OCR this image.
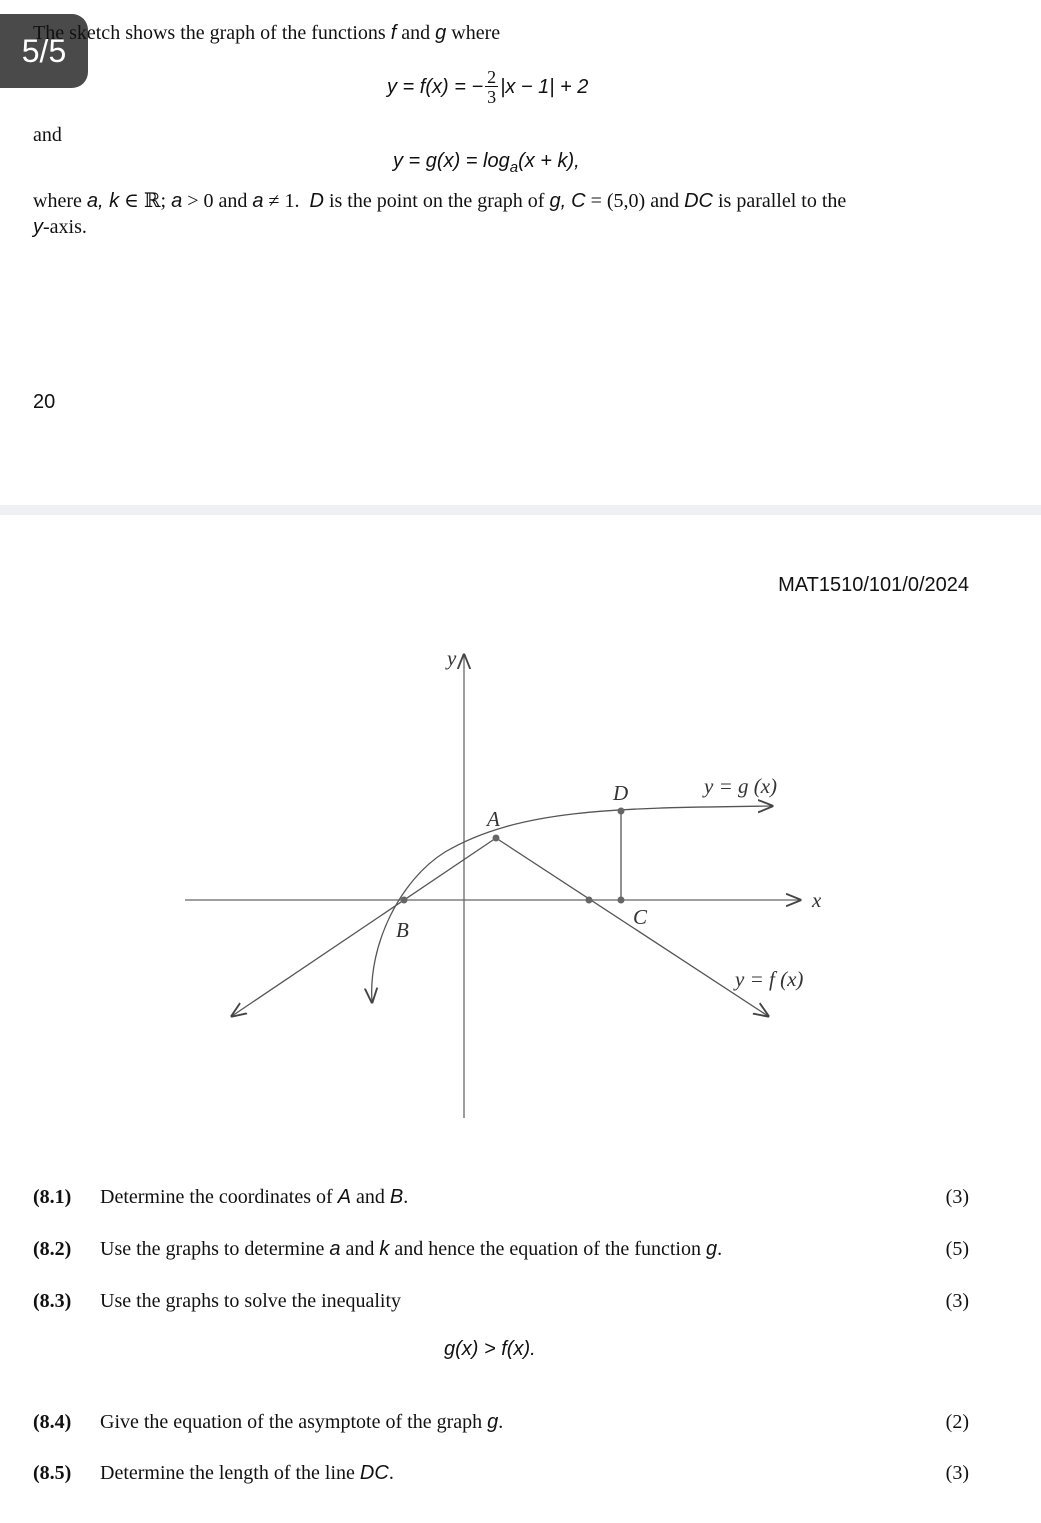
5/5
The sketch shows the graph of the functions f and g where
y = f(x) = − $\frac{2}{3} |x - 1| + 2$
and
$y = g(x) = \log_a(x + k)$,
where a, k ∈ ℝ; a > 0 and a ≠ 1. D is the point on the graph of g, C = (5,0) and DC is parallel to the
y-axis.
20
MAT1510/101/0/2024
y
x
A
B
C
D	y = g (x)
y = f (x)
(8.1)	Determine the coordinates of A and B.	(3)
(8.2)	Use the graphs to determine a and k and hence the equation of the function g.	(5)
(8.3)	Use the graphs to solve the inequality	(3)
g(x) > f(x).
(8.4)	Give the equation of the asymptote of the graph g.	(2)
(8.5)	Determine the length of the line DC.	(3)
